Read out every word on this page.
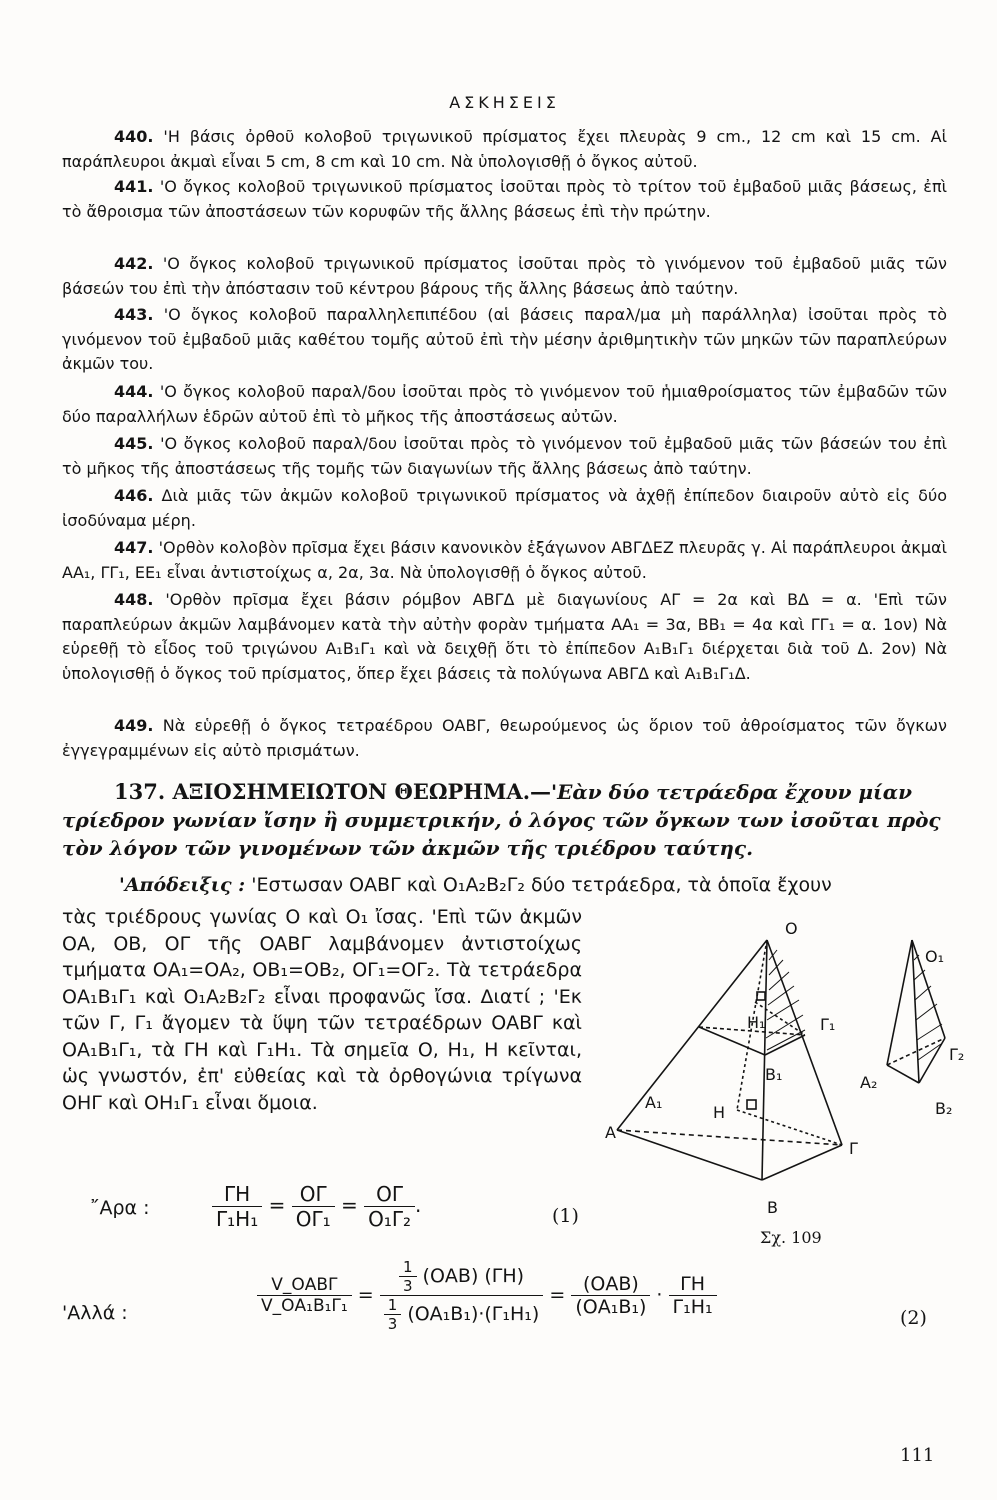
ΑΣΚΗΣΕΙΣ
440. 'Η βάσις ὀρθοῦ κολοβοῦ τριγωνικοῦ πρίσματος ἔχει πλευρὰς 9 cm., 12 cm καὶ 15 cm. Αἱ παράπλευροι ἀκμαὶ εἶναι 5 cm, 8 cm καὶ 10 cm. Νὰ ὑπολογισθῇ ὁ ὄγκος αὐτοῦ.
441. 'Ο ὄγκος κολοβοῦ τριγωνικοῦ πρίσματος ἰσοῦται πρὸς τὸ τρίτον τοῦ ἐμβαδοῦ μιᾶς βάσεως, ἐπὶ τὸ ἄθροισμα τῶν ἀποστάσεων τῶν κορυφῶν τῆς ἄλλης βάσεως ἐπὶ τὴν πρώτην.
442. 'Ο ὄγκος κολοβοῦ τριγωνικοῦ πρίσματος ἰσοῦται πρὸς τὸ γινόμενον τοῦ ἐμβαδοῦ μιᾶς τῶν βάσεών του ἐπὶ τὴν ἀπόστασιν τοῦ κέντρου βάρους τῆς ἄλλης βάσεως ἀπὸ ταύτην.
443. 'Ο ὄγκος κολοβοῦ παραλληλεπιπέδου (αἱ βάσεις παραλ/μα μὴ παράλληλα) ἰσοῦται πρὸς τὸ γινόμενον τοῦ ἐμβαδοῦ μιᾶς καθέτου τομῆς αὐτοῦ ἐπὶ τὴν μέσην ἀριθμητικὴν τῶν μηκῶν τῶν παραπλεύρων ἀκμῶν του.
444. 'Ο ὄγκος κολοβοῦ παραλ/δου ἰσοῦται πρὸς τὸ γινόμενον τοῦ ἡμιαθροίσματος τῶν ἐμβαδῶν τῶν δύο παραλλήλων ἑδρῶν αὐτοῦ ἐπὶ τὸ μῆκος τῆς ἀποστάσεως αὐτῶν.
445. 'Ο ὄγκος κολοβοῦ παραλ/δου ἰσοῦται πρὸς τὸ γινόμενον τοῦ ἐμβαδοῦ μιᾶς τῶν βάσεών του ἐπὶ τὸ μῆκος τῆς ἀποστάσεως τῆς τομῆς τῶν διαγωνίων τῆς ἄλλης βάσεως ἀπὸ ταύτην.
446. Διὰ μιᾶς τῶν ἀκμῶν κολοβοῦ τριγωνικοῦ πρίσματος νὰ ἀχθῇ ἐπίπεδον διαιροῦν αὐτὸ εἰς δύο ἰσοδύναμα μέρη.
447. 'Ορθὸν κολοβὸν πρῖσμα ἔχει βάσιν κανονικὸν ἑξάγωνον ΑΒΓΔΕΖ πλευρᾶς γ. Αἱ παράπλευροι ἀκμαὶ ΑΑ₁, ΓΓ₁, ΕΕ₁ εἶναι ἀντιστοίχως α, 2α, 3α. Νὰ ὑπολογισθῇ ὁ ὄγκος αὐτοῦ.
448. 'Ορθὸν πρῖσμα ἔχει βάσιν ρόμβον ΑΒΓΔ μὲ διαγωνίους ΑΓ = 2α καὶ ΒΔ = α. 'Επὶ τῶν παραπλεύρων ἀκμῶν λαμβάνομεν κατὰ τὴν αὐτὴν φορὰν τμήματα ΑΑ₁ = 3α, ΒΒ₁ = 4α καὶ ΓΓ₁ = α. 1ον) Νὰ εὑρεθῇ τὸ εἶδος τοῦ τριγώνου Α₁Β₁Γ₁ καὶ νὰ δειχθῇ ὅτι τὸ ἐπίπεδον Α₁Β₁Γ₁ διέρχεται διὰ τοῦ Δ. 2ον) Νὰ ὑπολογισθῇ ὁ ὄγκος τοῦ πρίσματος, ὅπερ ἔχει βάσεις τὰ πολύγωνα ΑΒΓΔ καὶ Α₁Β₁Γ₁Δ.
449. Νὰ εὑρεθῇ ὁ ὄγκος τετραέδρου ΟΑΒΓ, θεωρούμενος ὡς ὅριον τοῦ ἀθροίσματος τῶν ὄγκων ἐγγεγραμμένων εἰς αὐτὸ πρισμάτων.
137. ΑΞΙΟΣΗΜΕΙΩΤΟΝ ΘΕΩΡΗΜΑ.—'Εὰν δύο τετράεδρα ἔχουν μίαν τρίεδρον γωνίαν ἴσην ἢ συμμετρικήν, ὁ λόγος τῶν ὄγκων των ἰσοῦται πρὸς τὸν λόγον τῶν γινομένων τῶν ἀκμῶν τῆς τριέδρου ταύτης.
'Απόδειξις : 'Εστωσαν ΟΑΒΓ καὶ Ο₁Α₂Β₂Γ₂ δύο τετράεδρα, τὰ ὁποῖα ἔχουν
τὰς τριέδρους γωνίας Ο καὶ Ο₁ ἴσας. 'Επὶ τῶν ἀκμῶν ΟΑ, ΟΒ, ΟΓ τῆς ΟΑΒΓ λαμβάνομεν ἀντιστοίχως τμήματα ΟΑ₁=ΟΑ₂, ΟΒ₁=ΟΒ₂, ΟΓ₁=ΟΓ₂. Τὰ τετράεδρα ΟΑ₁Β₁Γ₁ καὶ Ο₁Α₂Β₂Γ₂ εἶναι προφανῶς ἴσα. Διατί ; 'Εκ τῶν Γ, Γ₁ ἄγομεν τὰ ὕψη τῶν τετραέδρων ΟΑΒΓ καὶ ΟΑ₁Β₁Γ₁, τὰ ΓΗ καὶ Γ₁Η₁. Τὰ σημεῖα Ο, Η₁, Η κεῖνται, ὡς γνωστόν, ἐπ' εὐθείας καὶ τὰ ὀρθογώνια τρίγωνα ΟΗΓ καὶ ΟΗ₁Γ₁ εἶναι ὅμοια.
O
O₁
A₁
H₁	Γ₁
B₁	A₂
Γ₂
B₂
H
A
Γ
B
Σχ. 109
῎Αρα :	$\frac{\Gamma H}{\text{Γ₁Η₁}} = \frac{O\Gamma}{\text{ΟΓ₁}} = \frac{O\Gamma}{\text{Ο₁Γ₂}}$ .	(1)
'Αλλά :	$\frac{\text{V\_ΟΑΒΓ}}{\text{V\_ΟΑ₁Β₁Γ₁}} = \frac{\frac{1}{3} (OAB) (\Gamma H)}{\frac{1}{3} (OA_1B_1)\cdot(\Gamma_1H_1)} = \frac{\text{(ΟΑΒ)}}{\text{(ΟΑ₁Β₁)}} \cdot \frac{\Gamma H}{\text{Γ₁Η₁}}$	(2)
111
